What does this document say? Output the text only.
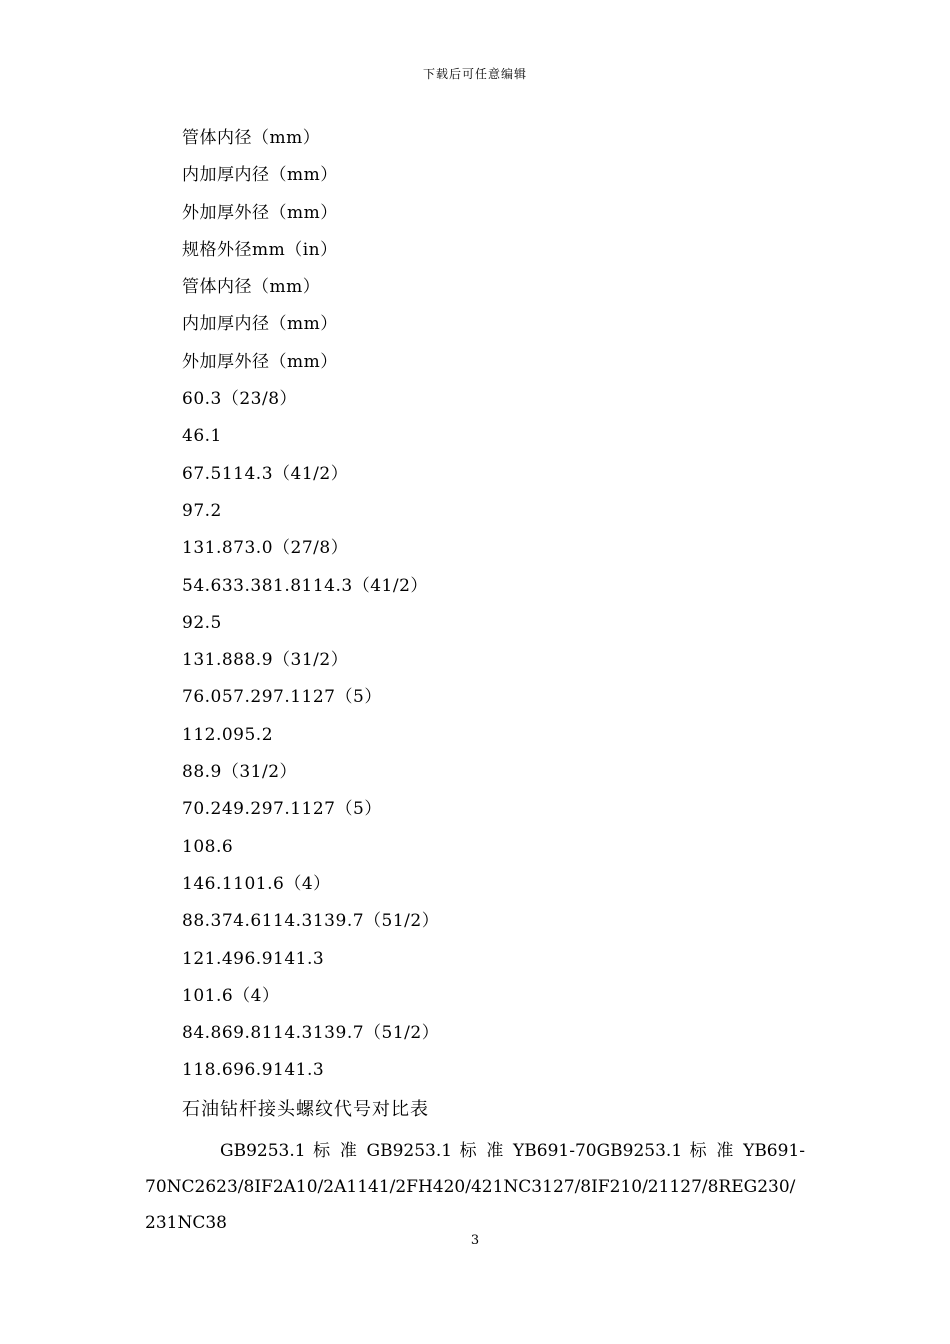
下载后可任意编辑
管体内径（mm）
内加厚内径（mm）
外加厚外径（mm）
规格外径mm（in）
管体内径（mm）
内加厚内径（mm）
外加厚外径（mm）
60.3（23/8）
46.1
67.5114.3（41/2）
97.2
131.873.0（27/8）
54.633.381.8114.3（41/2）
92.5
131.888.9（31/2）
76.057.297.1127（5）
112.095.2
88.9（31/2）
70.249.297.1127（5）
108.6
146.1101.6（4）
88.374.6114.3139.7（51/2）
121.496.9141.3
101.6（4）
84.869.8114.3139.7（51/2）
118.696.9141.3
石油钻杆接头螺纹代号对比表

GB9253.1 标 准 GB9253.1 标 准 YB691-70GB9253.1 标 准 YB691-
70NC2623/8IF2A10/2A1141/2FH420/421NC3127/8IF210/21127/8REG230/231NC38

3
